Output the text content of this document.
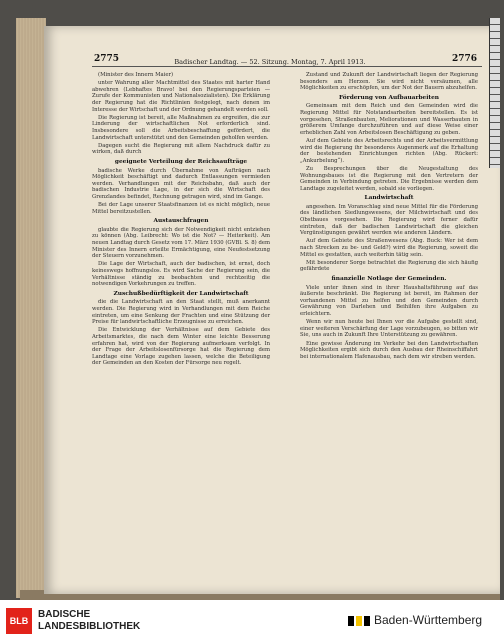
2775	Badischer Landtag. — 52. Sitzung. Montag, 7. April 1913.	2776

(Minister des Innern Maier)

unter Wahrung aller Machtmittel des Staates mit harter Hand abwehren (Lebhaftes Bravo! bei den Regierungsparteien — Zurufe der Kommunisten und Nationalsozialisten). Die Erklärung der Regierung hat die Richtlinien festgelegt, nach denen im Interesse der Wirtschaft und der Ordnung gehandelt werden soll.

Die Regierung ist bereit, alle Maßnahmen zu ergreifen, die zur Linderung der wirtschaftlichen Not erforderlich sind. Insbesondere soll die Arbeitsbeschaffung gefördert, die Landwirtschaft unterstützt und den Gemeinden geholfen werden.

Dagegen sucht die Regierung mit allem Nachdruck dafür zu wirken, daß durch

geeignete Verteilung der Reichsaufträge

badische Werke durch Übernahme von Aufträgen nach Möglichkeit beschäftigt und dadurch Entlassungen vermieden werden. Verhandlungen mit der Reichsbahn, daß auch der badischen Industrie Lage, in der sich die Wirtschaft des Grenzlandes befindet, Rechnung getragen wird, sind im Gange.

Bei der Lage unserer Staatsfinanzen ist es nicht möglich, neue Mittel bereitzustellen.

Austauschfragen

glaubte die Regierung sich der Notwendigkeit nicht entziehen zu können (Abg. Leibrecht: Wo ist die Not? — Heiterkeit). Am neuen Landtag durch Gesetz vom 17. März 1930 (GVBl. S. 8) dem Minister des Innern erteilte Ermächtigung, eine Neufestsetzung der Steuern vorzunehmen.

Die Lage der Wirtschaft, auch der badischen, ist ernst, doch keineswegs hoffnungslos. Es wird Sache der Regierung sein, die Verhältnisse ständig zu beobachten und rechtzeitig die notwendigen Vorkehrungen zu treffen.

Zuschußbedürftigkeit der Landwirtschaft

die die Landwirtschaft an den Staat stellt, muß anerkannt werden. Die Regierung wird in Verhandlungen mit dem Reiche eintreten, um eine Senkung der Frachten und eine Stützung der Preise für landwirtschaftliche Erzeugnisse zu erreichen.

Die Entwicklung der Verhältnisse auf dem Gebiete des Arbeitsmarktes, die nach dem Winter eine leichte Besserung erfahren hat, wird von der Regierung aufmerksam verfolgt. In der Frage der Arbeitslosenfürsorge hat die Regierung dem Landtage eine Vorlage zugehen lassen, welche die Beteiligung der Gemeinden an den Kosten der Fürsorge neu regelt.

Zustand und Zukunft der Landwirtschaft liegen der Regierung besonders am Herzen. Sie wird nicht versäumen, alle Möglichkeiten zu erschöpfen, um der Not der Bauern abzuhelfen.

Förderung von Aufbauarbeiten

Gemeinsam mit dem Reich und den Gemeinden wird die Regierung Mittel für Notstandsarbeiten bereitstellen. Es ist vorgesehen, Straßenbauten, Meliorationen und Wasserbauten in größerem Umfange durchzuführen und auf diese Weise einer erheblichen Zahl von Arbeitslosen Beschäftigung zu geben.

Auf dem Gebiete des Arbeitsrechts und der Arbeitsvermittlung wird die Regierung ihr besonderes Augenmerk auf die Erhaltung der bestehenden Einrichtungen richten (Abg. Rückert: „Ankurbelung“).

Zu Besprechungen über die Neugestaltung des Wohnungsbaues ist die Regierung mit den Vertretern der Gemeinden in Verbindung getreten. Die Ergebnisse werden dem Landtage zugeleitet werden, sobald sie vorliegen.

Landwirtschaft

angesehen. Im Voranschlag sind neue Mittel für die Förderung des ländlichen Siedlungswesens, der Milchwirtschaft und des Obstbaues vorgesehen. Die Regierung wird ferner dafür eintreten, daß der badischen Landwirtschaft die gleichen Vergünstigungen gewährt werden wie anderen Ländern.

Auf dem Gebiete des Straßenwesens (Abg. Buck: Wer ist dem nach Strecken zu be- und Geld?) wird die Regierung, soweit die Mittel es gestatten, auch weiterhin tätig sein.

Mit besonderer Sorge betrachtet die Regierung die sich häufig gefährdete

finanzielle Notlage der Gemeinden.

Viele unter ihnen sind in ihrer Haushaltsführung auf das äußerste beschränkt. Die Regierung ist bereit, im Rahmen der vorhandenen Mittel zu helfen und den Gemeinden durch Gewährung von Darlehen und Beihilfen ihre Aufgaben zu erleichtern.

Wenn wir nun heute bei Ihnen vor die Aufgabe gestellt sind, einer weiteren Verschärfung der Lage vorzubeugen, so bitten wir Sie, uns auch in Zukunft Ihre Unterstützung zu gewähren.

Eine gewisse Änderung im Verkehr bei den Landwirtschaften Möglichkeiten ergibt sich durch den Ausbau der Rheinschiffahrt bei internationalem Hafenausbau, nach dem wir streben werden.

BLB
BADISCHE
LANDESBIBLIOTHEK	Baden-Württemberg
